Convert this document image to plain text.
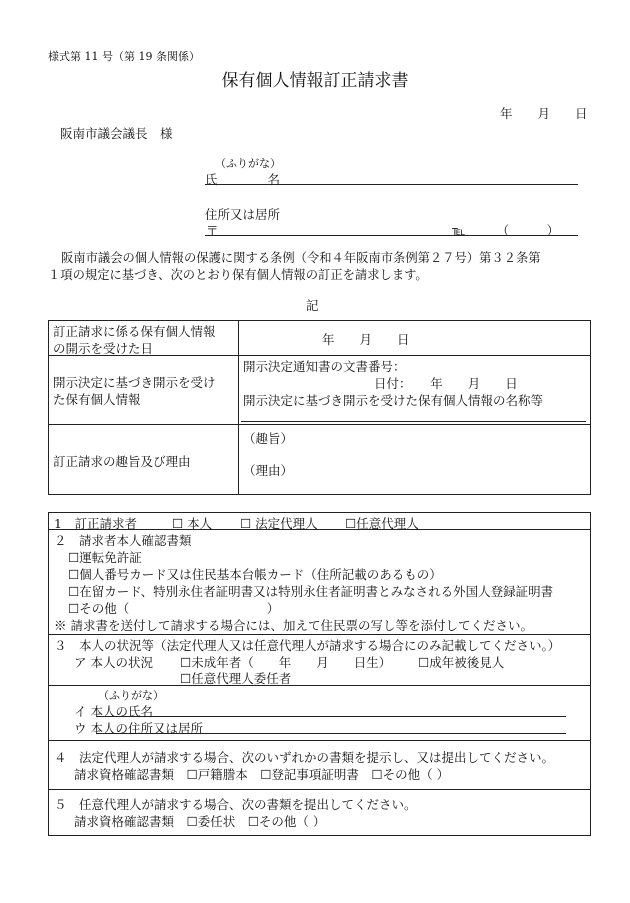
様式第 11 号（第 19 条関係）
保有個人情報訂正請求書
年　　月　　日
阪南市議会議長　様
（ふりがな）
氏　　　　名
住所又は居所
〒	℡　　　（　　　）
阪南市議会の個人情報の保護に関する条例（令和４年阪南市条例第２７号）第３２条第
１項の規定に基づき、次のとおり保有個人情報の訂正を請求します。
記
訂正請求に係る保有個人情報
の開示を受けた日
年　　月　　日
開示決定に基づき開示を受け
た保有個人情報
開示決定通知書の文書番号：
日付：　　年　　月　　日
開示決定に基づき開示を受けた保有個人情報の名称等
訂正請求の趣旨及び理由
（趣旨）
（理由）
1　訂正請求者	☐ 本人 ☐ 法定代理人 ☐任意代理人
２　請求者本人確認書類
☐運転免許証
☐個人番号カード又は住民基本台帳カード（住所記載のあるもの）
☐在留カード、特別永住者証明書又は特別永住者証明書とみなされる外国人登録証明書
☐その他（　　　　　　　　　　　）
※ 請求書を送付して請求する場合には、加えて住民票の写し等を添付してください。
３　本人の状況等（法定代理人又は任意代理人が請求する場合にのみ記載してください。）
ア 本人の状況 ☐未成年者（　　年　　月　　日生） ☐成年被後見人
☐任意代理人委任者
（ふりがな）
イ 本人の氏名
ウ 本人の住所又は居所
４　法定代理人が請求する場合、次のいずれかの書類を提示し、又は提出してください。
請求資格確認書類　☐戸籍謄本　☐登記事項証明書　☐その他（ ）
５　任意代理人が請求する場合、次の書類を提出してください。
請求資格確認書類　☐委任状　☐その他（ ）
